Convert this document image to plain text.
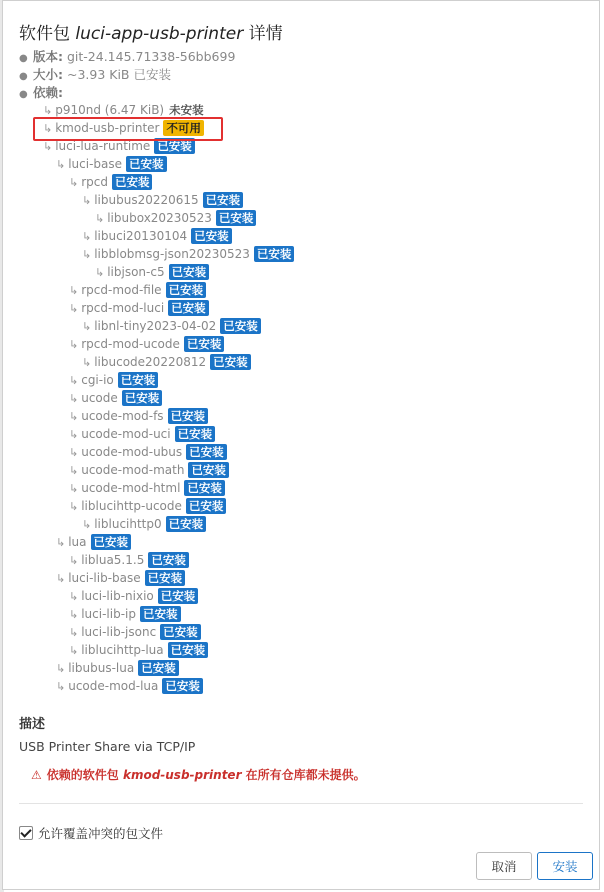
软件包 luci-app-usb-printer 详情
● 版本: git-24.145.71338-56bb699
● 大小: ~3.93 KiB 已安装
● 依赖:
↳ p910nd (6.47 KiB) 未安装
↳ kmod-usb-printer 不可用
↳ luci-lua-runtime 已安装
↳ luci-base 已安装
↳ rpcd 已安装
↳ libubus20220615 已安装
↳ libubox20230523 已安装
↳ libuci20130104 已安装
↳ libblobmsg-json20230523 已安装
↳ libjson-c5 已安装
↳ rpcd-mod-file 已安装
↳ rpcd-mod-luci 已安装
↳ libnl-tiny2023-04-02 已安装
↳ rpcd-mod-ucode 已安装
↳ libucode20220812 已安装
↳ cgi-io 已安装
↳ ucode 已安装
↳ ucode-mod-fs 已安装
↳ ucode-mod-uci 已安装
↳ ucode-mod-ubus 已安装
↳ ucode-mod-math 已安装
↳ ucode-mod-html 已安装
↳ liblucihttp-ucode 已安装
↳ liblucihttp0 已安装
↳ lua 已安装
↳ liblua5.1.5 已安装
↳ luci-lib-base 已安装
↳ luci-lib-nixio 已安装
↳ luci-lib-ip 已安装
↳ luci-lib-jsonc 已安装
↳ liblucihttp-lua 已安装
↳ libubus-lua 已安装
↳ ucode-mod-lua 已安装
描述
USB Printer Share via TCP/IP
⚠ 依赖的软件包 kmod-usb-printer 在所有仓库都未提供。
允许覆盖冲突的包文件
取消	安装
